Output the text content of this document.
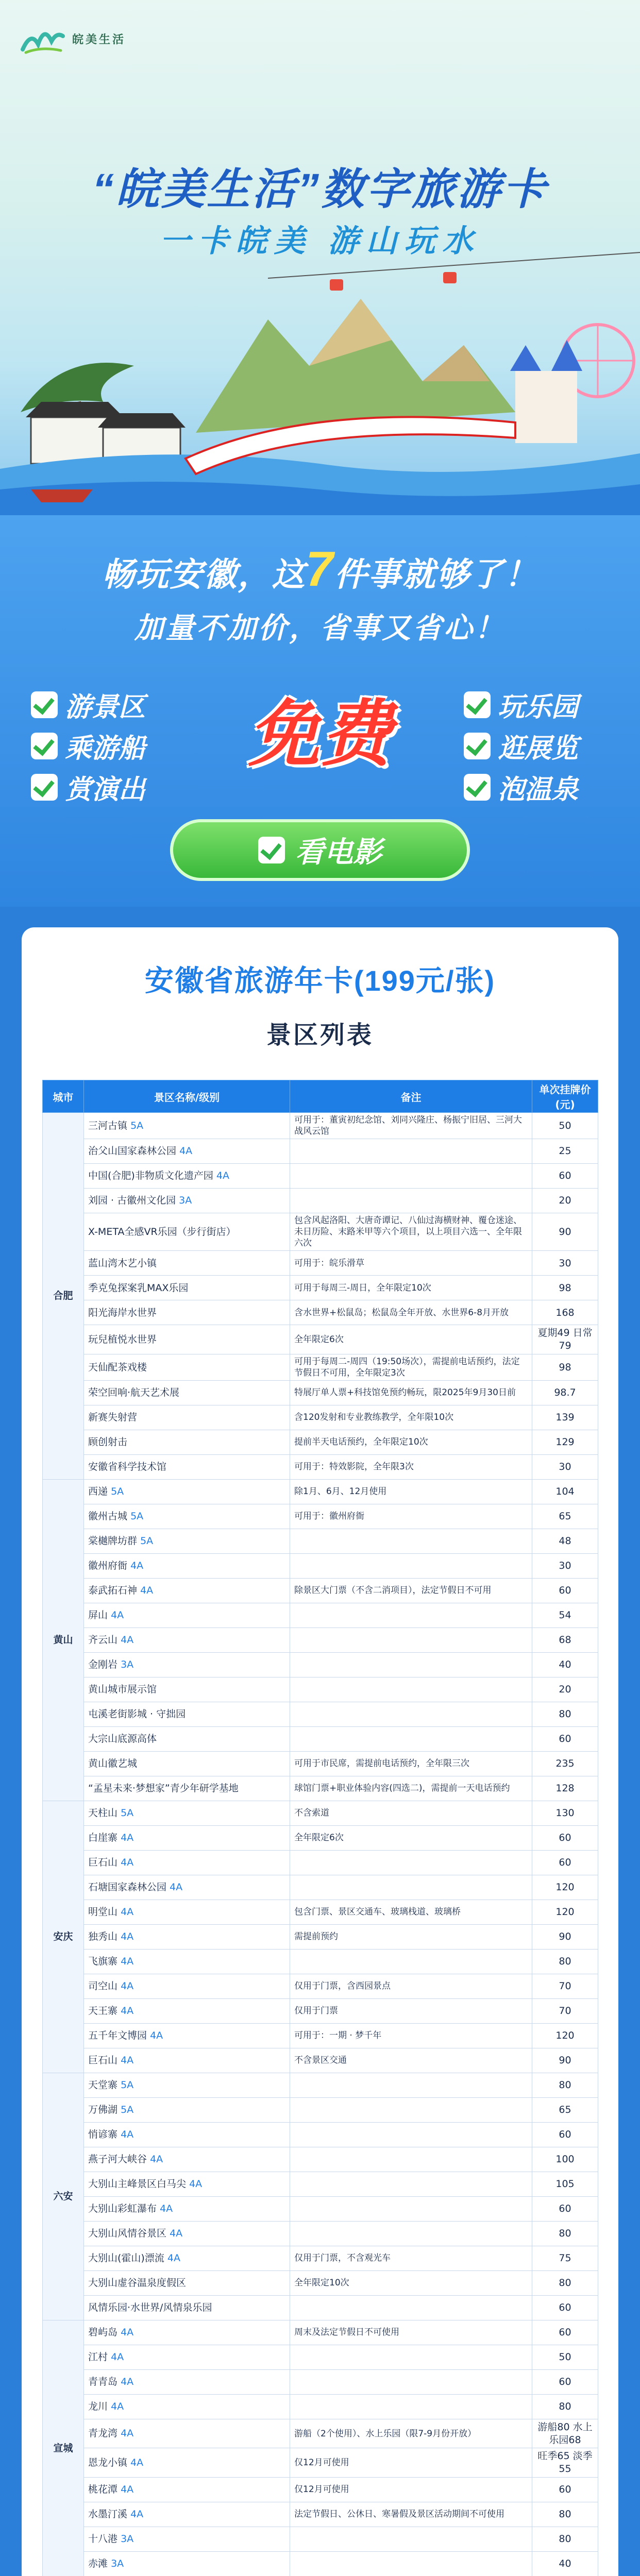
皖美生活
“皖美生活”数字旅游卡
一卡皖美 游山玩水
畅玩安徽，这7件事就够了！
加量不加价，省事又省心！
游景区
乘游船
赏演出
免费	玩乐园
逛展览
泡温泉
看电影
安徽省旅游年卡(199元/张)
景区列表
城市	景区名称/级别	备注	单次挂牌价(元)
合肥	三河古镇 5A	可用于：董寅初纪念馆、刘同兴隆庄、杨振宁旧居、三河大战风云馆	50
	治父山国家森林公园 4A		25
	中国(合肥)非物质文化遗产园 4A		60
	刘园 · 古徽州文化园 3A		20
	X-META全感VR乐园（步行街店）	包含风起洛阳、大唐奇谭记、八仙过海横财神、覆仓迷途、未日历险、末路米甲等六个项目，以上项目六选一、全年限六次	90
	蓝山湾木艺小镇	可用于：皖乐滑草	30
	季克兔探案乳MAX乐园	可用于每周三-周日，全年限定10次	98
	阳光海岸水世界	含水世界+松鼠岛；松鼠岛全年开放、水世界6-8月开放	168
	玩兒植悦水世界	全年限定6次	夏期49 日常79
	天仙配茶戏楼	可用于每周二-周四（19:50场次），需提前电话预约，法定节假日不可用，全年限定3次	98
	荣空回响·航天艺术展	特展厅单人票+科技馆免预约畅玩，限2025年9月30日前	98.7
	新赛失射营	含120发射和专业教练教学，全年限10次	139
	顾创射击	提前半天电话预约，全年限定10次	129
	安徽省科学技术馆	可用于：特效影院，全年限3次	30
黄山	西递 5A	除1月、6月、12月使用	104
	徽州古城 5A	可用于：徽州府衙	65
	棠樾牌坊群 5A		48
	徽州府衙 4A		30
	泰武拓石神 4A	除景区大门票（不含二消项目），法定节假日不可用	60
	屏山 4A		54
	齐云山 4A		68
	金刚岩 3A		40
	黄山城市展示馆		20
	屯溪老街影城 · 守拙园		80
	大宗山底源高体		60
	黄山徽艺城	可用于市民席，需提前电话预约，全年限三次	235
	“孟星未来·梦想家”青少年研学基地	球馆门票+职业体验内容(四选二)，需提前一天电话预约	128
安庆	天柱山 5A	不含索道	130
	白崖寨 4A	全年限定6次	60
	巨石山 4A		60
	石塘国家森林公园 4A		120
	明堂山 4A	包含门票、景区交通车、玻璃栈道、玻璃桥	120
	独秀山 4A	需提前预约	90
	飞旗寨 4A		80
	司空山 4A	仅用于门票，含西园景点	70
	天王寨 4A	仅用于门票	70
	五千年文博园 4A	可用于：一期 · 梦千年	120
	巨石山 4A	不含景区交通	90
六安	天堂寨 5A		80
	万佛湖 5A		65
	悄谚寨 4A		60
	燕子河大峡谷 4A		100
	大别山主峰景区白马尖 4A		105
	大别山彩虹瀑布 4A		60
	大别山风情谷景区 4A		80
	大别山(霍山)漂流 4A	仅用于门票，不含观光车	75
	大别山虚谷温泉度假区	全年限定10次	80
	风情乐园·水世界/风情泉乐园		60
宣城	碧屿岛 4A	周末及法定节假日不可使用	60
	江村 4A		50
	青青岛 4A		60
	龙川 4A		80
	青龙湾 4A	游船（2个使用）、水上乐园（限7-9月份开放）	游船80 水上乐园68
	恩龙小镇 4A	仅12月可使用	旺季65 淡季55
	桃花潭 4A	仅12月可使用	60
	水墨汀溪 4A	法定节假日、公休日、寒暑假及景区活动期间不可使用	80
	十八港 3A		80
	赤滩 3A		40
